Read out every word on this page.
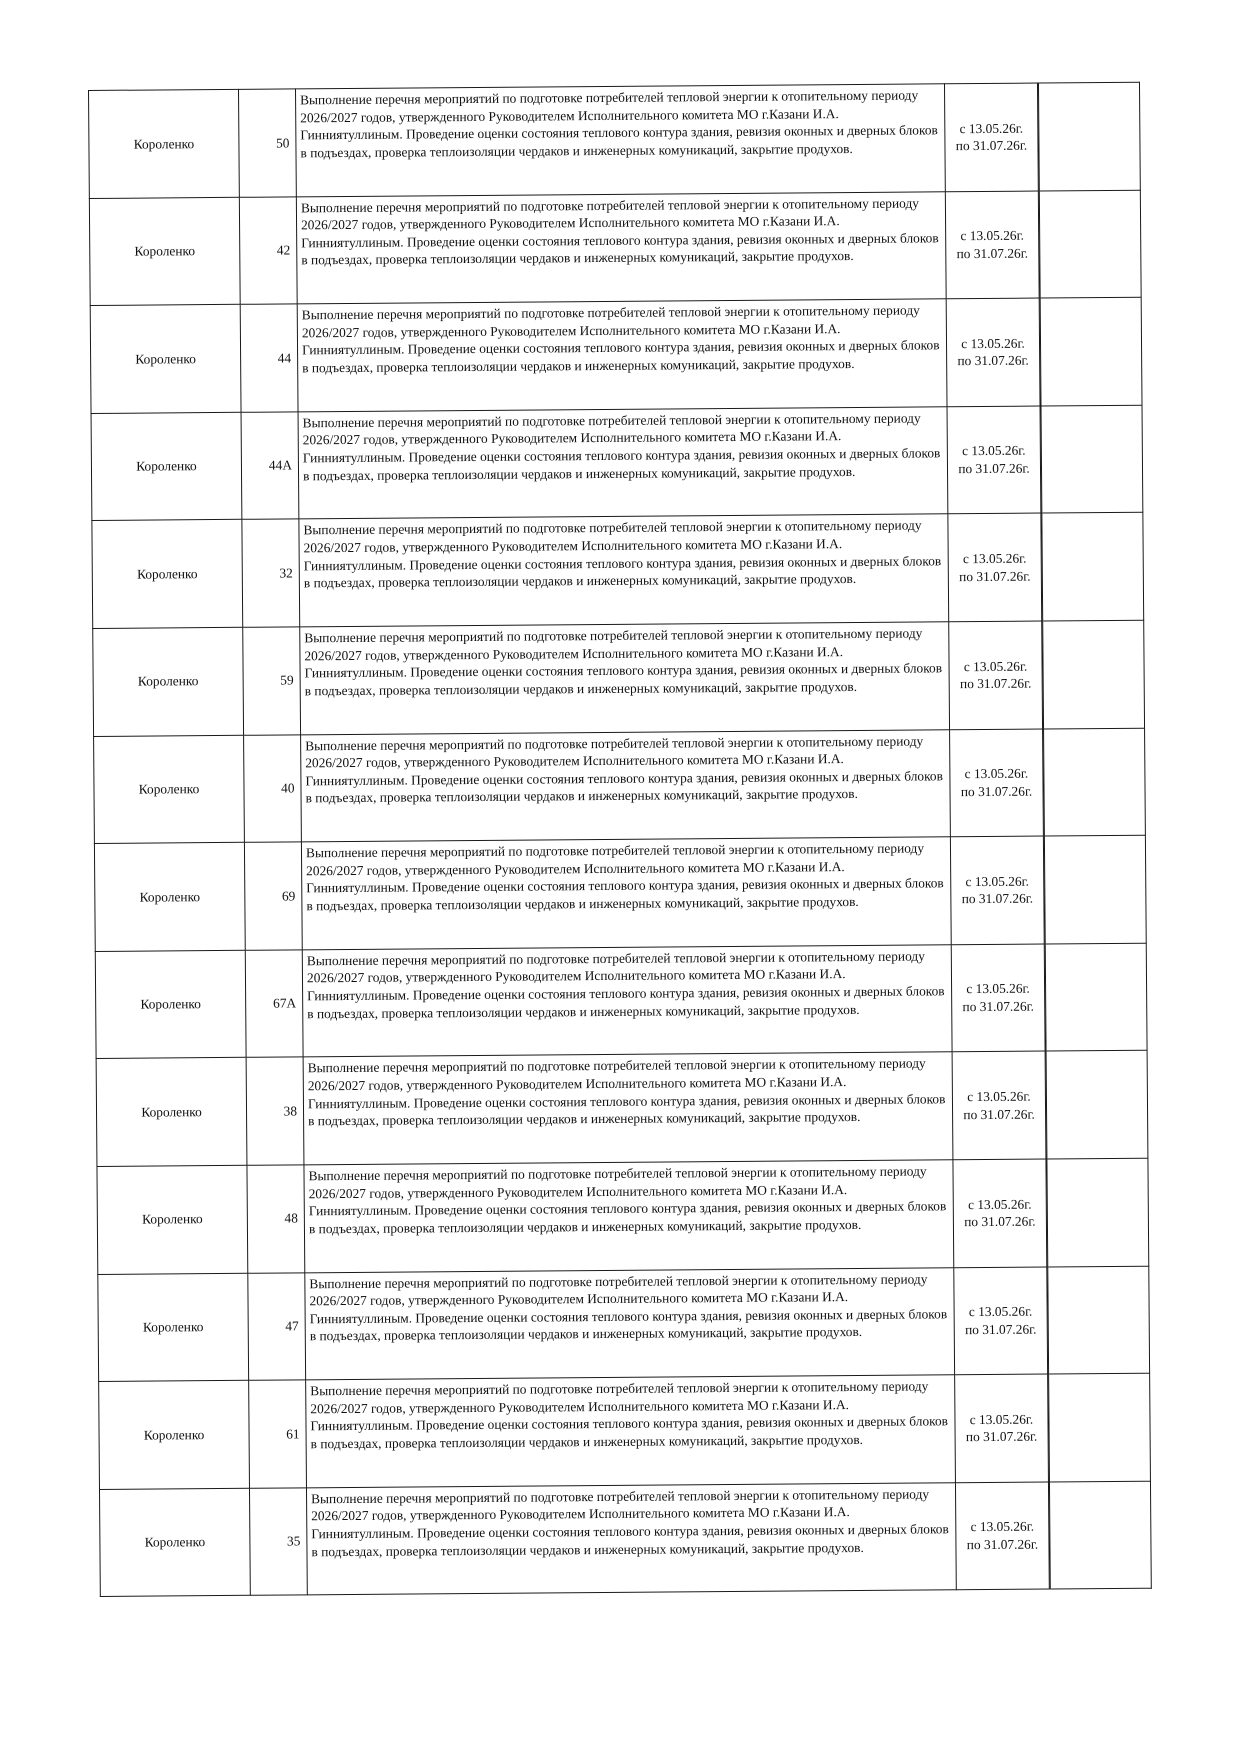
Короленко	50	Выполнение перечня мероприятий по подготовке потребителей тепловой энергии к отопительному периоду 2026/2027 годов, утвержденного Руководителем Исполнительного комитета МО г.Казани И.А. Гинниятуллиным. Проведение оценки состояния теплового контура здания, ревизия оконных и дверных блоков в подъездах, проверка теплоизоляции чердаков и инженерных комуникаций, закрытие продухов.	с 13.05.26г.
по 31.07.26г.	

Короленко	42	Выполнение перечня мероприятий по подготовке потребителей тепловой энергии к отопительному периоду 2026/2027 годов, утвержденного Руководителем Исполнительного комитета МО г.Казани И.А. Гинниятуллиным. Проведение оценки состояния теплового контура здания, ревизия оконных и дверных блоков в подъездах, проверка теплоизоляции чердаков и инженерных комуникаций, закрытие продухов.	с 13.05.26г.
по 31.07.26г.	

Короленко	44	Выполнение перечня мероприятий по подготовке потребителей тепловой энергии к отопительному периоду 2026/2027 годов, утвержденного Руководителем Исполнительного комитета МО г.Казани И.А. Гинниятуллиным. Проведение оценки состояния теплового контура здания, ревизия оконных и дверных блоков в подъездах, проверка теплоизоляции чердаков и инженерных комуникаций, закрытие продухов.	с 13.05.26г.
по 31.07.26г.	

Короленко	44А	Выполнение перечня мероприятий по подготовке потребителей тепловой энергии к отопительному периоду 2026/2027 годов, утвержденного Руководителем Исполнительного комитета МО г.Казани И.А. Гинниятуллиным. Проведение оценки состояния теплового контура здания, ревизия оконных и дверных блоков в подъездах, проверка теплоизоляции чердаков и инженерных комуникаций, закрытие продухов.	с 13.05.26г.
по 31.07.26г.	

Короленко	32	Выполнение перечня мероприятий по подготовке потребителей тепловой энергии к отопительному периоду 2026/2027 годов, утвержденного Руководителем Исполнительного комитета МО г.Казани И.А. Гинниятуллиным. Проведение оценки состояния теплового контура здания, ревизия оконных и дверных блоков в подъездах, проверка теплоизоляции чердаков и инженерных комуникаций, закрытие продухов.	с 13.05.26г.
по 31.07.26г.	

Короленко	59	Выполнение перечня мероприятий по подготовке потребителей тепловой энергии к отопительному периоду 2026/2027 годов, утвержденного Руководителем Исполнительного комитета МО г.Казани И.А. Гинниятуллиным. Проведение оценки состояния теплового контура здания, ревизия оконных и дверных блоков в подъездах, проверка теплоизоляции чердаков и инженерных комуникаций, закрытие продухов.	с 13.05.26г.
по 31.07.26г.	

Короленко	40	Выполнение перечня мероприятий по подготовке потребителей тепловой энергии к отопительному периоду 2026/2027 годов, утвержденного Руководителем Исполнительного комитета МО г.Казани И.А. Гинниятуллиным. Проведение оценки состояния теплового контура здания, ревизия оконных и дверных блоков в подъездах, проверка теплоизоляции чердаков и инженерных комуникаций, закрытие продухов.	с 13.05.26г.
по 31.07.26г.	

Короленко	69	Выполнение перечня мероприятий по подготовке потребителей тепловой энергии к отопительному периоду 2026/2027 годов, утвержденного Руководителем Исполнительного комитета МО г.Казани И.А. Гинниятуллиным. Проведение оценки состояния теплового контура здания, ревизия оконных и дверных блоков в подъездах, проверка теплоизоляции чердаков и инженерных комуникаций, закрытие продухов.	с 13.05.26г.
по 31.07.26г.	

Короленко	67А	Выполнение перечня мероприятий по подготовке потребителей тепловой энергии к отопительному периоду 2026/2027 годов, утвержденного Руководителем Исполнительного комитета МО г.Казани И.А. Гинниятуллиным. Проведение оценки состояния теплового контура здания, ревизия оконных и дверных блоков в подъездах, проверка теплоизоляции чердаков и инженерных комуникаций, закрытие продухов.	с 13.05.26г.
по 31.07.26г.	

Короленко	38	Выполнение перечня мероприятий по подготовке потребителей тепловой энергии к отопительному периоду 2026/2027 годов, утвержденного Руководителем Исполнительного комитета МО г.Казани И.А. Гинниятуллиным. Проведение оценки состояния теплового контура здания, ревизия оконных и дверных блоков в подъездах, проверка теплоизоляции чердаков и инженерных комуникаций, закрытие продухов.	с 13.05.26г.
по 31.07.26г.	

Короленко	48	Выполнение перечня мероприятий по подготовке потребителей тепловой энергии к отопительному периоду 2026/2027 годов, утвержденного Руководителем Исполнительного комитета МО г.Казани И.А. Гинниятуллиным. Проведение оценки состояния теплового контура здания, ревизия оконных и дверных блоков в подъездах, проверка теплоизоляции чердаков и инженерных комуникаций, закрытие продухов.	с 13.05.26г.
по 31.07.26г.	

Короленко	47	Выполнение перечня мероприятий по подготовке потребителей тепловой энергии к отопительному периоду 2026/2027 годов, утвержденного Руководителем Исполнительного комитета МО г.Казани И.А. Гинниятуллиным. Проведение оценки состояния теплового контура здания, ревизия оконных и дверных блоков в подъездах, проверка теплоизоляции чердаков и инженерных комуникаций, закрытие продухов.	с 13.05.26г.
по 31.07.26г.	

Короленко	61	Выполнение перечня мероприятий по подготовке потребителей тепловой энергии к отопительному периоду 2026/2027 годов, утвержденного Руководителем Исполнительного комитета МО г.Казани И.А. Гинниятуллиным. Проведение оценки состояния теплового контура здания, ревизия оконных и дверных блоков в подъездах, проверка теплоизоляции чердаков и инженерных комуникаций, закрытие продухов.	с 13.05.26г.
по 31.07.26г.	

Короленко	35	Выполнение перечня мероприятий по подготовке потребителей тепловой энергии к отопительному периоду 2026/2027 годов, утвержденного Руководителем Исполнительного комитета МО г.Казани И.А. Гинниятуллиным. Проведение оценки состояния теплового контура здания, ревизия оконных и дверных блоков в подъездах, проверка теплоизоляции чердаков и инженерных комуникаций, закрытие продухов.	с 13.05.26г.
по 31.07.26г.	
